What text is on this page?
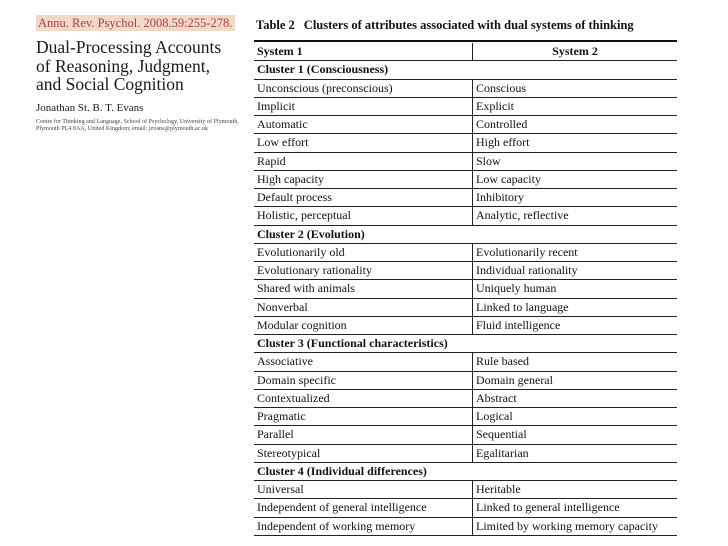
Annu. Rev. Psychol. 2008.59:255-278.
Dual-Processing Accounts
of Reasoning, Judgment,
and Social Cognition
Jonathan St. B. T. Evans
Centre for Thinking and Language, School of Psychology, University of Plymouth, Plymouth PL4 8AA, United Kingdom; email: jevans@plymouth.ac.uk
Table 2 Clusters of attributes associated with dual systems of thinking
System 1	System 2
Cluster 1 (Consciousness)
Unconscious (preconscious)	Conscious
Implicit	Explicit
Automatic	Controlled
Low effort	High effort
Rapid	Slow
High capacity	Low capacity
Default process	Inhibitory
Holistic, perceptual	Analytic, reflective
Cluster 2 (Evolution)
Evolutionarily old	Evolutionarily recent
Evolutionary rationality	Individual rationality
Shared with animals	Uniquely human
Nonverbal	Linked to language
Modular cognition	Fluid intelligence
Cluster 3 (Functional characteristics)
Associative	Rule based
Domain specific	Domain general
Contextualized	Abstract
Pragmatic	Logical
Parallel	Sequential
Stereotypical	Egalitarian
Cluster 4 (Individual differences)
Universal	Heritable
Independent of general intelligence	Linked to general intelligence
Independent of working memory	Limited by working memory capacity
